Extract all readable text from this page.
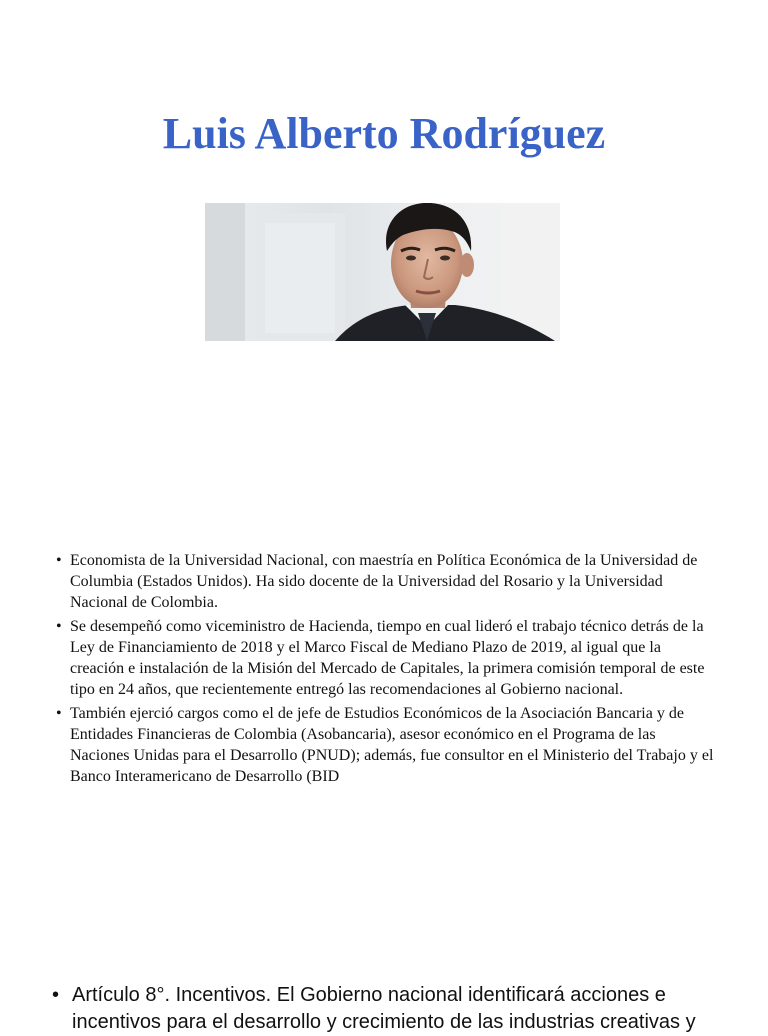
Luis Alberto Rodríguez
• Economista de la Universidad Nacional, con maestría en Política Económica de la Universidad de Columbia (Estados Unidos). Ha sido docente de la Universidad del Rosario y la Universidad Nacional de Colombia.
• Se desempeñó como viceministro de Hacienda, tiempo en cual lideró el trabajo técnico detrás de la Ley de Financiamiento de 2018 y el Marco Fiscal de Mediano Plazo de 2019, al igual que la creación e instalación de la Misión del Mercado de Capitales, la primera comisión temporal de este tipo en 24 años, que recientemente entregó las recomendaciones al Gobierno nacional.
• También ejerció cargos como el de jefe de Estudios Económicos de la Asociación Bancaria y de Entidades Financieras de Colombia (Asobancaria), asesor económico en el Programa de las Naciones Unidas para el Desarrollo (PNUD); además, fue consultor en el Ministerio del Trabajo y el Banco Interamericano de Desarrollo (BID
• Artículo 8°. Incentivos. El Gobierno nacional identificará acciones e incentivos para el desarrollo y crecimiento de las industrias creativas y
